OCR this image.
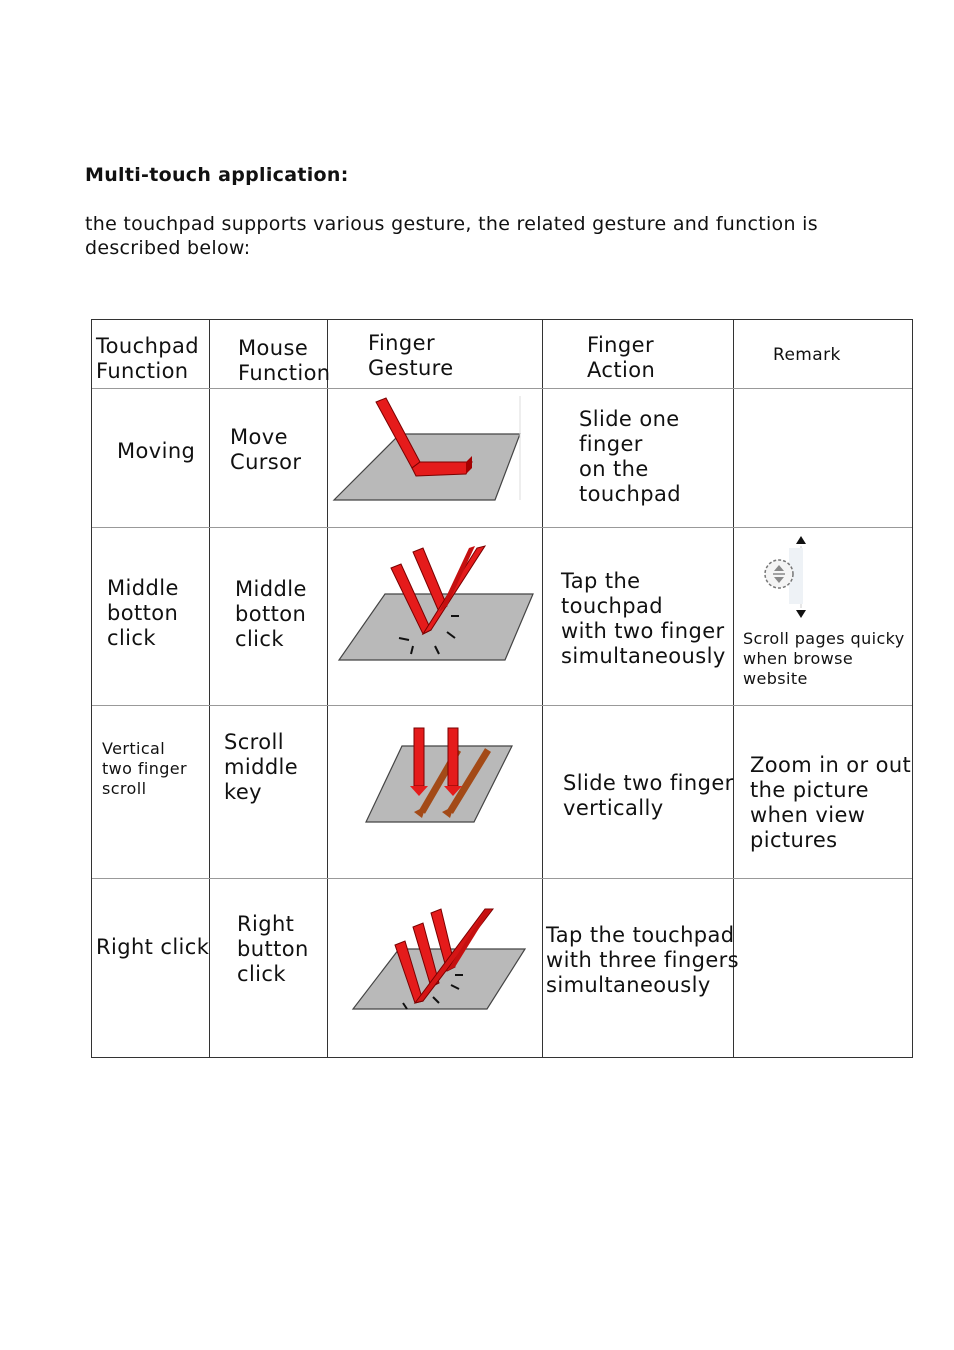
Multi-touch application:
the touchpad supports various gesture, the related gesture and function is described below:
Touchpad
Function
Mouse
Function
Finger
Gesture
Finger
Action
Remark
Moving
Move
Cursor
Slide one
finger
on the
touchpad
Middle
botton
click
Middle
botton
click
Tap the
touchpad
with two finger
simultaneously
Scroll pages quicky
when browse
website
Vertical
two finger
scroll
Scroll
middle
key	Slide two finger
vertically
Zoom in or out
the picture
when view
pictures
Right click
Right
button
click
Tap the touchpad
with three fingers
simultaneously
